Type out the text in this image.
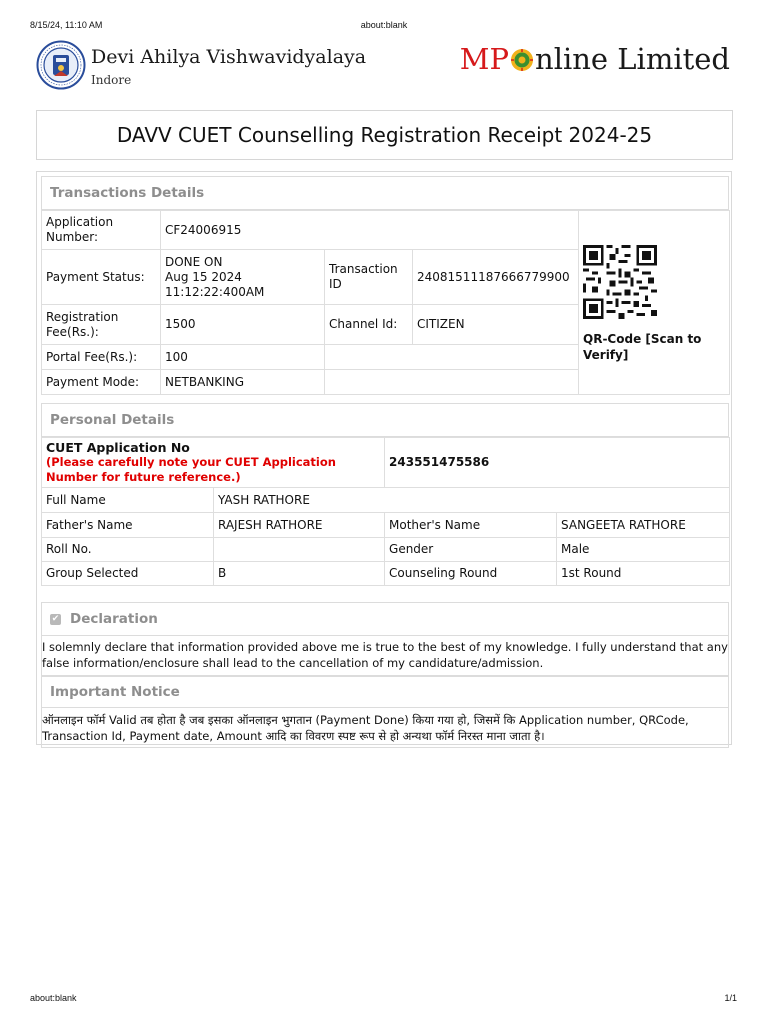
8/15/24, 11:10 AM	about:blank
Devi Ahilya Vishwavidyalaya
Indore
MP nline Limited
DAVV CUET Counselling Registration Receipt 2024-25
Transactions Details
Application Number:	CF24006915			QR-Code [Scan to Verify]

Payment Status:	DONE ON
Aug 15 2024
11:12:22:400AM	Transaction ID	24081511187666779900	
Registration Fee(Rs.):	1500	Channel Id:	CITIZEN	
Portal Fee(Rs.):	100			
Payment Mode:	NETBANKING			
Personal Details
CUET Application No
(Please carefully note your CUET Application Number for future reference.)		243551475586	
Full Name	YASH RATHORE		
Father's Name	RAJESH RATHORE	Mother's Name	SANGEETA RATHORE
Roll No.		Gender	Male
Group Selected	B	Counseling Round	1st Round
✔ Declaration
I solemnly declare that information provided above me is true to the best of my knowledge. I fully understand that any false information/enclosure shall lead to the cancellation of my candidature/admission.
Important Notice
ऑनलाइन फॉर्म Valid तब होता है जब इसका ऑनलाइन भुगतान (Payment Done) किया गया हो, जिसमें कि Application number, QRCode, Transaction Id, Payment date, Amount आदि का विवरण स्पष्ट रूप से हो अन्यथा फॉर्म निरस्त माना जाता है।
about:blank	1/1
